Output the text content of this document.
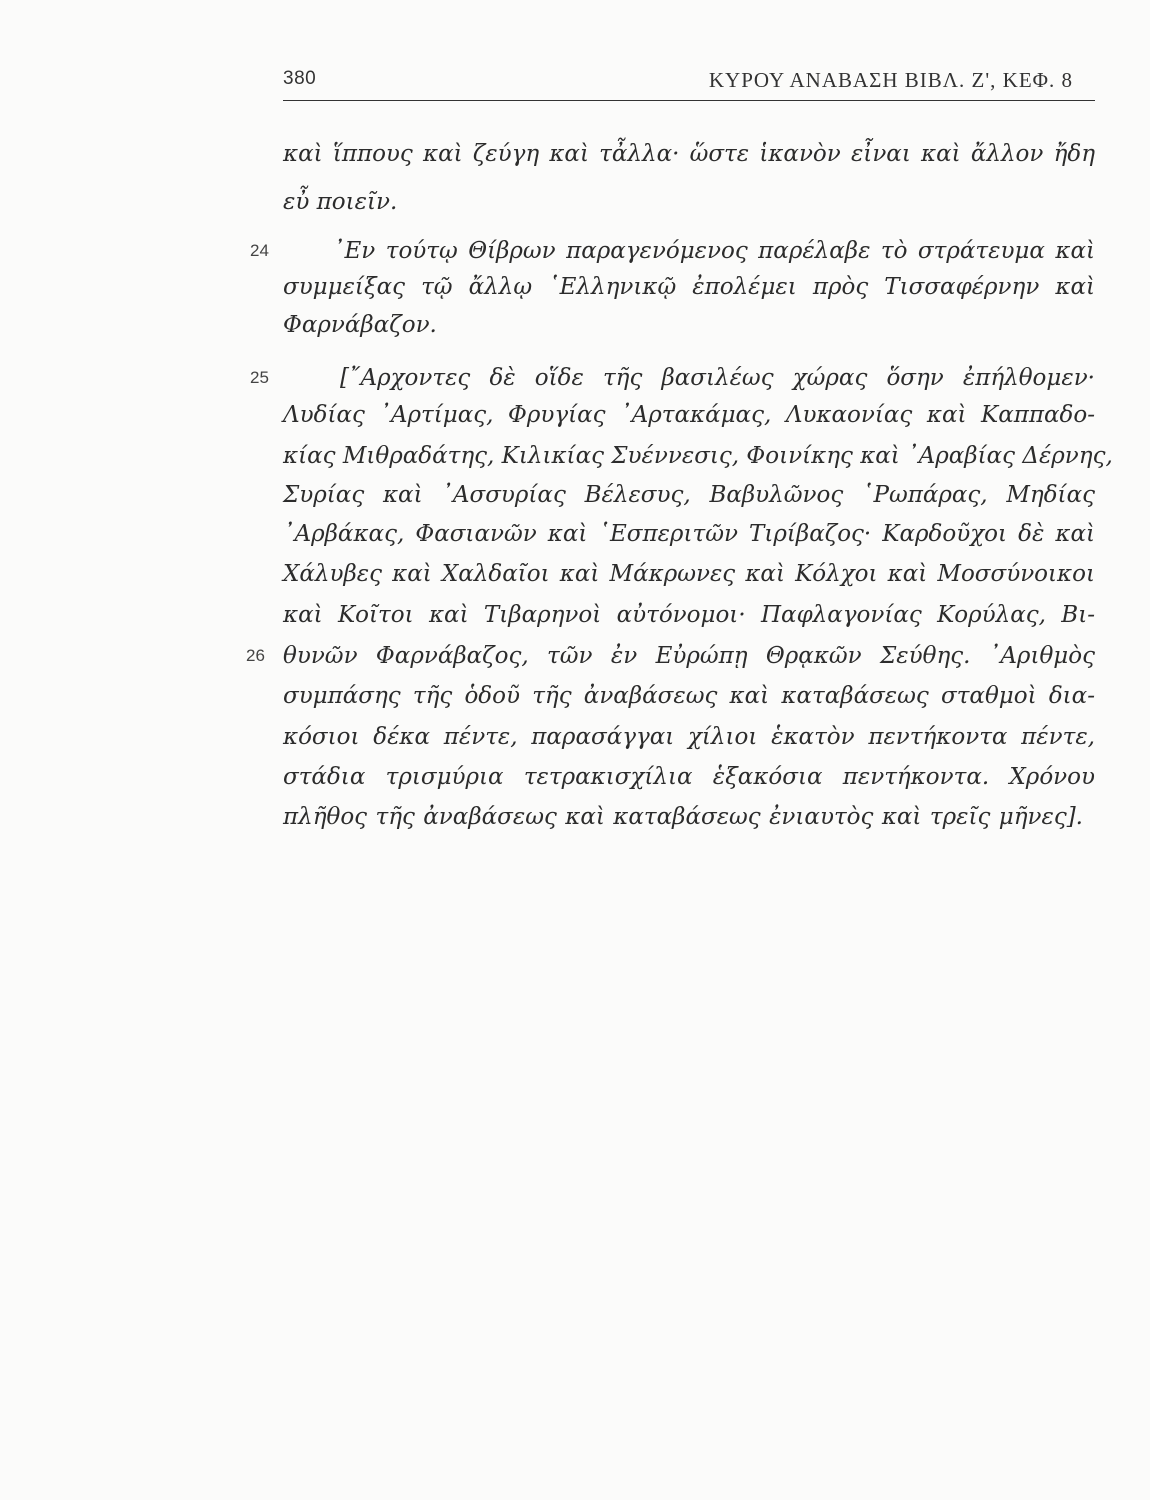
380	ΚΥΡΟΥ ΑΝΑΒΑΣΗ ΒΙΒΛ. Ζ', ΚΕΦ. 8
καὶ ἵππους καὶ ζεύγη καὶ τἆλλα· ὥστε ἱκανὸν εἶναι καὶ ἄλλον ἤδη
εὖ ποιεῖν.
24	᾿Εν τούτῳ Θίβρων παραγενόμενος παρέλαβε τὸ στράτευμα καὶ
συμμείξας τῷ ἄλλῳ ῾Ελληνικῷ ἐπολέμει πρὸς Τισσαφέρνην καὶ
Φαρνάβαζον.
25	[῎Αρχοντες δὲ οἵδε τῆς βασιλέως χώρας ὅσην ἐπήλθομεν·
Λυδίας ᾿Αρτίμας, Φρυγίας ᾿Αρτακάμας, Λυκαονίας καὶ Καππαδο-
κίας Μιθραδάτης, Κιλικίας Συέννεσις, Φοινίκης καὶ ᾿Αραβίας Δέρνης,
Συρίας καὶ ᾿Ασσυρίας Βέλεσυς, Βαβυλῶνος ῾Ρωπάρας, Μηδίας
᾿Αρβάκας, Φασιανῶν καὶ ῾Εσπεριτῶν Τιρίβαζος· Καρδοῦχοι δὲ καὶ
Χάλυβες καὶ Χαλδαῖοι καὶ Μάκρωνες καὶ Κόλχοι καὶ Μοσσύνοικοι
καὶ Κοῖτοι καὶ Τιβαρηνοὶ αὐτόνομοι· Παφλαγονίας Κορύλας, Βι-
26 θυνῶν Φαρνάβαζος, τῶν ἐν Εὐρώπῃ Θρᾳκῶν Σεύθης. ᾿Αριθμὸς
συμπάσης τῆς ὁδοῦ τῆς ἀναβάσεως καὶ καταβάσεως σταθμοὶ δια-
κόσιοι δέκα πέντε, παρασάγγαι χίλιοι ἑκατὸν πεντήκοντα πέντε,
στάδια τρισμύρια τετρακισχίλια ἑξακόσια πεντήκοντα. Χρόνου
πλῆθος τῆς ἀναβάσεως καὶ καταβάσεως ἐνιαυτὸς καὶ τρεῖς μῆνες].
